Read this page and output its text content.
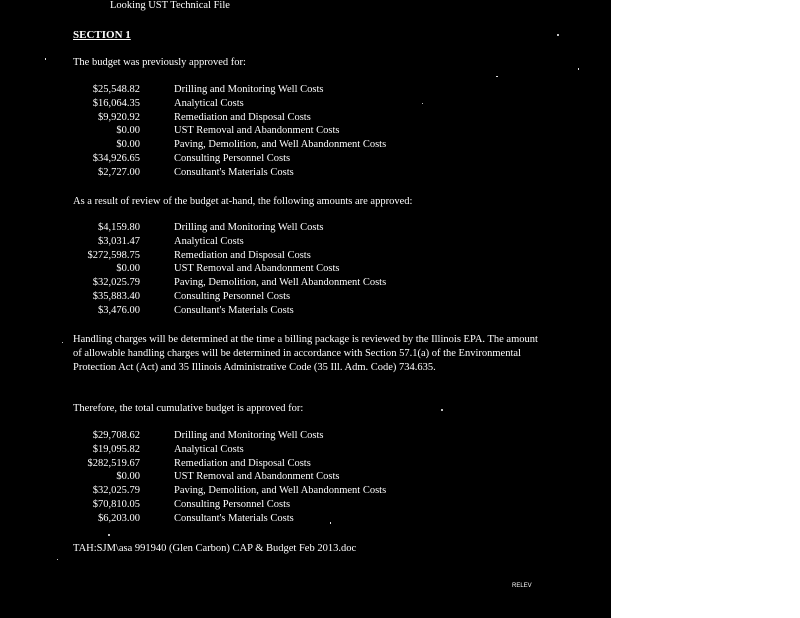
Looking UST Technical File
SECTION 1
The budget was previously approved for:
$25,548.82	Drilling and Monitoring Well Costs
$16,064.35	Analytical Costs
$9,920.92	Remediation and Disposal Costs
$0.00	UST Removal and Abandonment Costs
$0.00	Paving, Demolition, and Well Abandonment Costs
$34,926.65	Consulting Personnel Costs
$2,727.00	Consultant's Materials Costs
As a result of review of the budget at-hand, the following amounts are approved:
$4,159.80	Drilling and Monitoring Well Costs
$3,031.47	Analytical Costs
$272,598.75	Remediation and Disposal Costs
$0.00	UST Removal and Abandonment Costs
$32,025.79	Paving, Demolition, and Well Abandonment Costs
$35,883.40	Consulting Personnel Costs
$3,476.00	Consultant's Materials Costs
Handling charges will be determined at the time a billing package is reviewed by the Illinois EPA. The amount of allowable handling charges will be determined in accordance with Section 57.1(a) of the Environmental Protection Act (Act) and 35 Illinois Administrative Code (35 Ill. Adm. Code) 734.635.
Therefore, the total cumulative budget is approved for:
$29,708.62	Drilling and Monitoring Well Costs
$19,095.82	Analytical Costs
$282,519.67	Remediation and Disposal Costs
$0.00	UST Removal and Abandonment Costs
$32,025.79	Paving, Demolition, and Well Abandonment Costs
$70,810.05	Consulting Personnel Costs
$6,203.00	Consultant's Materials Costs
TAH:SJM\asa 991940 (Glen Carbon) CAP & Budget Feb 2013.doc
RELEV
